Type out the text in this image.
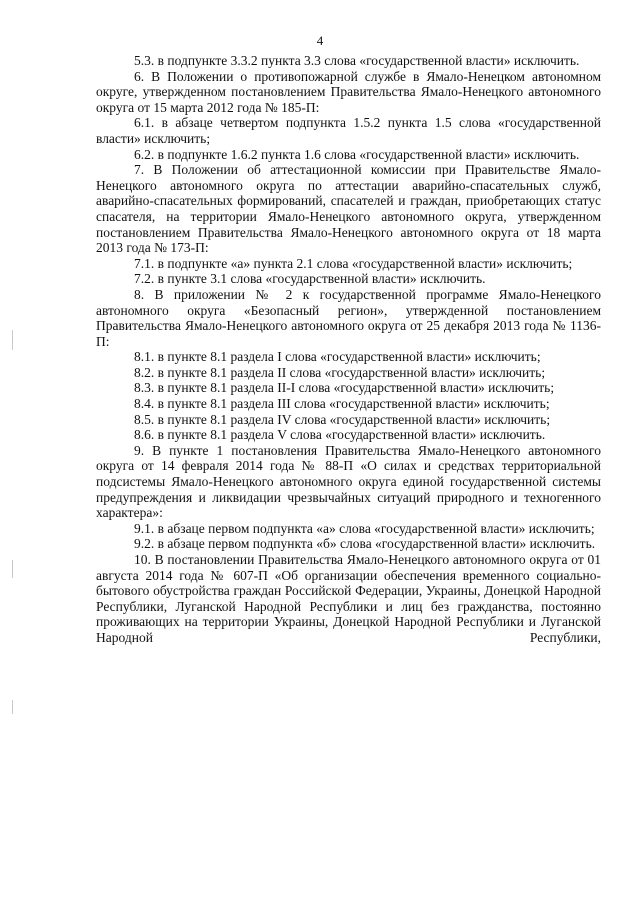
4

5.3. в подпункте 3.3.2 пункта 3.3 слова «государственной власти» исключить.

6. В Положении о противопожарной службе в Ямало-Ненецком автономном округе, утвержденном постановлением Правительства Ямало-Ненецкого автономного округа от 15 марта 2012 года № 185-П:

6.1. в абзаце четвертом подпункта 1.5.2 пункта 1.5 слова «государственной власти» исключить;

6.2. в подпункте 1.6.2 пункта 1.6 слова «государственной власти» исключить.

7. В Положении об аттестационной комиссии при Правительстве Ямало-Ненецкого автономного округа по аттестации аварийно-спасательных служб, аварийно-спасательных формирований, спасателей и граждан, приобретающих статус спасателя, на территории Ямало-Ненецкого автономного округа, утвержденном постановлением Правительства Ямало-Ненецкого автономного округа от 18 марта 2013 года № 173-П:

7.1. в подпункте «а» пункта 2.1 слова «государственной власти» исключить;

7.2. в пункте 3.1 слова «государственной власти» исключить.

8. В приложении № 2 к государственной программе Ямало-Ненецкого автономного округа «Безопасный регион», утвержденной постановлением Правительства Ямало-Ненецкого автономного округа от 25 декабря 2013 года № 1136-П:

8.1. в пункте 8.1 раздела I слова «государственной власти» исключить;

8.2. в пункте 8.1 раздела II слова «государственной власти» исключить;

8.3. в пункте 8.1 раздела II-I слова «государственной власти» исключить;

8.4. в пункте 8.1 раздела III слова «государственной власти» исключить;

8.5. в пункте 8.1 раздела IV слова «государственной власти» исключить;

8.6. в пункте 8.1 раздела V слова «государственной власти» исключить.

9. В пункте 1 постановления Правительства Ямало-Ненецкого автономного округа от 14 февраля 2014 года № 88-П «О силах и средствах территориальной подсистемы Ямало-Ненецкого автономного округа единой государственной системы предупреждения и ликвидации чрезвычайных ситуаций природного и техногенного характера»:

9.1. в абзаце первом подпункта «а» слова «государственной власти» исключить;

9.2. в абзаце первом подпункта «б» слова «государственной власти» исключить.

10. В постановлении Правительства Ямало-Ненецкого автономного округа от 01 августа 2014 года № 607-П «Об организации обеспечения временного социально-бытового обустройства граждан Российской Федерации, Украины, Донецкой Народной Республики, Луганской Народной Республики и лиц без гражданства, постоянно проживающих на территории Украины, Донецкой Народной Республики и Луганской Народной Республики,
